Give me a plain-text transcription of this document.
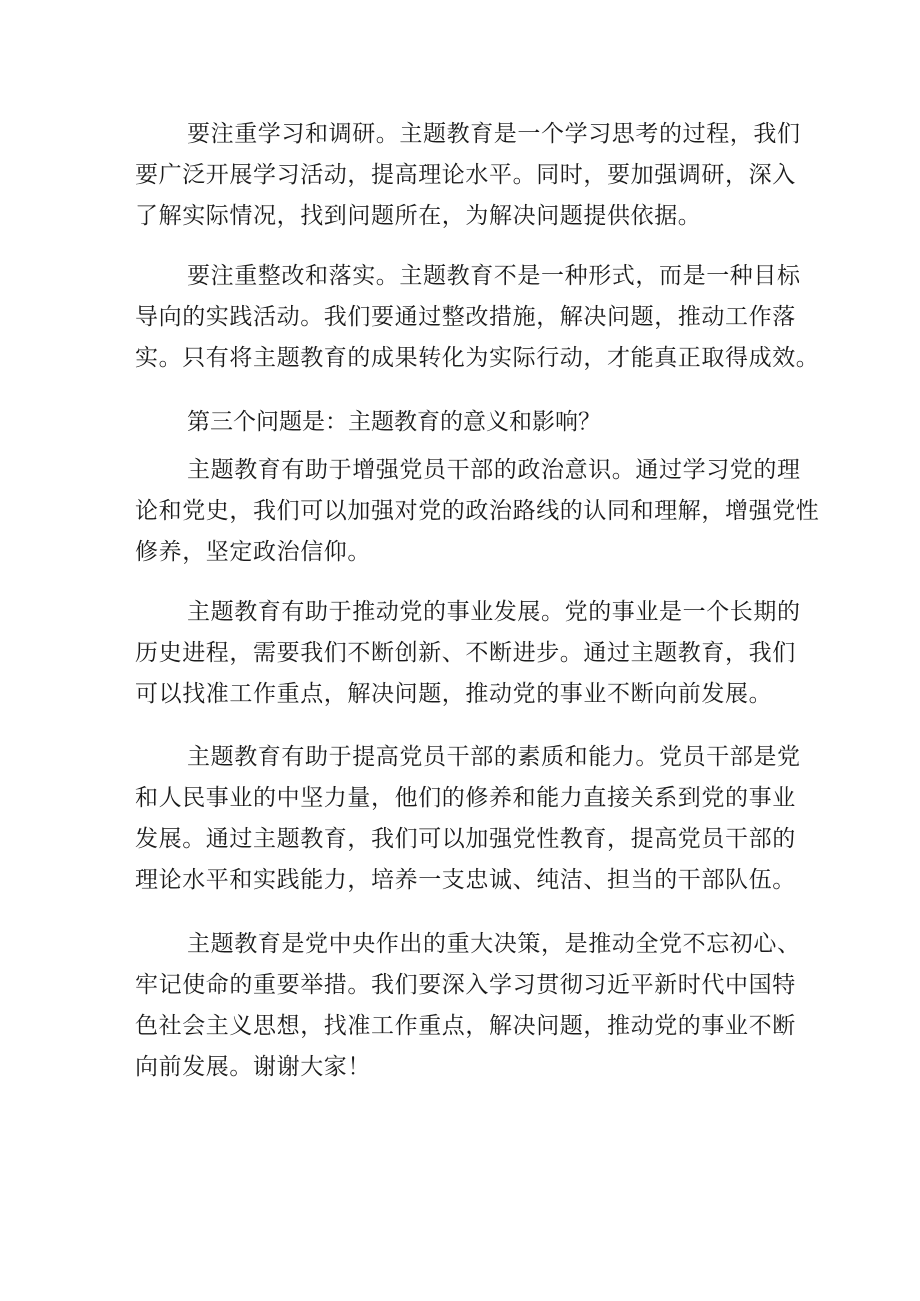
要注重学习和调研。主题教育是一个学习思考的过程，我们
要广泛开展学习活动，提高理论水平。同时，要加强调研，深入
了解实际情况，找到问题所在，为解决问题提供依据。

要注重整改和落实。主题教育不是一种形式，而是一种目标
导向的实践活动。我们要通过整改措施，解决问题，推动工作落
实。只有将主题教育的成果转化为实际行动，才能真正取得成效。

第三个问题是：主题教育的意义和影响？

主题教育有助于增强党员干部的政治意识。通过学习党的理
论和党史，我们可以加强对党的政治路线的认同和理解，增强党性
修养，坚定政治信仰。

主题教育有助于推动党的事业发展。党的事业是一个长期的
历史进程，需要我们不断创新、不断进步。通过主题教育，我们
可以找准工作重点，解决问题，推动党的事业不断向前发展。

主题教育有助于提高党员干部的素质和能力。党员干部是党
和人民事业的中坚力量，他们的修养和能力直接关系到党的事业
发展。通过主题教育，我们可以加强党性教育，提高党员干部的
理论水平和实践能力，培养一支忠诚、纯洁、担当的干部队伍。

主题教育是党中央作出的重大决策，是推动全党不忘初心、
牢记使命的重要举措。我们要深入学习贯彻习近平新时代中国特
色社会主义思想，找准工作重点，解决问题，推动党的事业不断
向前发展。谢谢大家！
